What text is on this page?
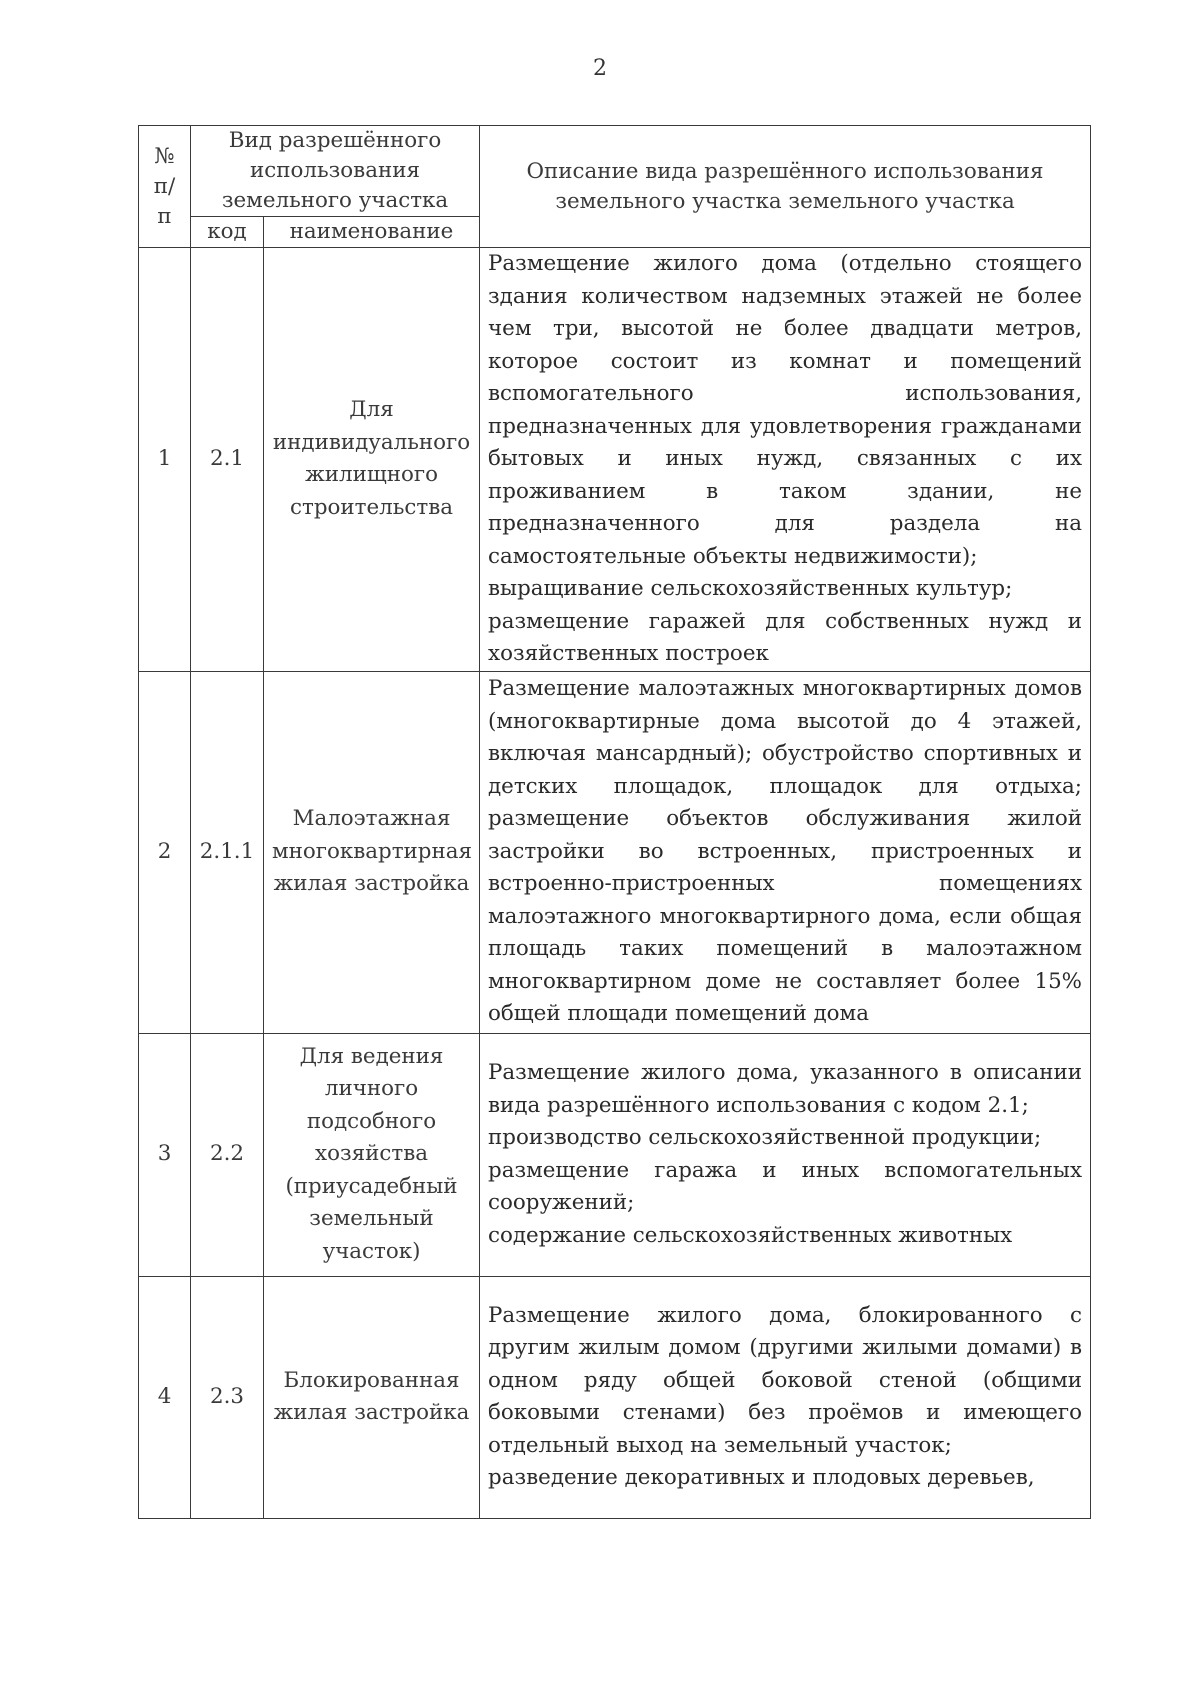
2
№ п/п	Вид разрешённого использования земельного участка		Описание вида разрешённого использования земельного участка земельного участка
	код	наименование	
1	2.1	Для индивидуального жилищного строительства	Размещение жилого дома (отдельно стоящего здания количеством надземных этажей не более чем три, высотой не более двадцати метров, которое состоит из комнат и помещений вспомогательного использования, предназначенных для удовлетворения гражданами бытовых и иных нужд, связанных с их проживанием в таком здании, не предназначенного для раздела на самостоятельные объекты недвижимости);
выращивание сельскохозяйственных культур;
размещение гаражей для собственных нужд и хозяйственных построек

2	2.1.1	Малоэтажная многоквартирная жилая застройка	Размещение малоэтажных многоквартирных домов (многоквартирные дома высотой до 4 этажей, включая мансардный); обустройство спортивных и детских площадок, площадок для отдыха; размещение объектов обслуживания жилой застройки во встроенных, пристроенных и встроенно-пристроенных помещениях малоэтажного многоквартирного дома, если общая площадь таких помещений в малоэтажном многоквартирном доме не составляет более 15% общей площади помещений дома

3	2.2	Для ведения личного подсобного хозяйства (приусадебный земельный участок)	Размещение жилого дома, указанного в описании вида разрешённого использования с кодом 2.1;
производство сельскохозяйственной продукции;
размещение гаража и иных вспомогательных сооружений;
содержание сельскохозяйственных животных

4	2.3	Блокированная жилая застройка	Размещение жилого дома, блокированного с другим жилым домом (другими жилыми домами) в одном ряду общей боковой стеной (общими боковыми стенами) без проёмов и имеющего отдельный выход на земельный участок;
разведение декоративных и плодовых деревьев,
